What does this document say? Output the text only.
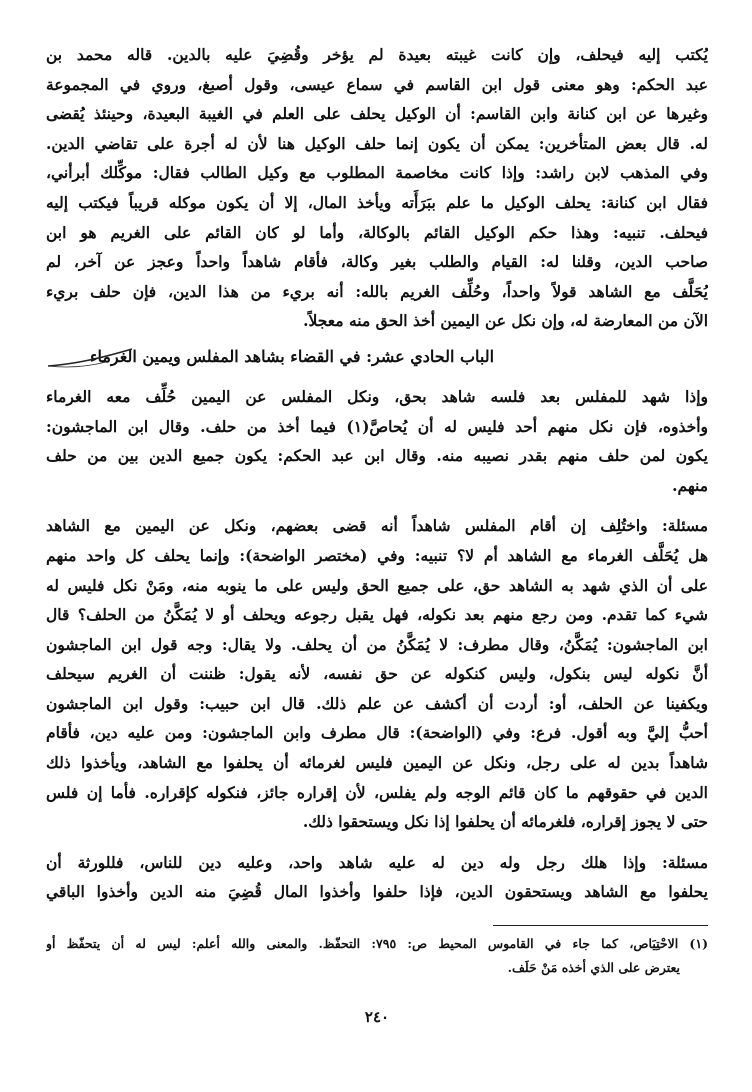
يُكتب إليه فيحلف، وإن كانت غيبته بعيدة لم يؤخر وقُضِيَ عليه بالدين. قاله محمد بن
عبد الحكم: وهو معنى قول ابن القاسم في سماع عيسى، وقول أصبغ، وروي في المجموعة
وغيرها عن ابن كنانة وابن القاسم: أن الوكيل يحلف على العلم في الغيبة البعيدة، وحينئذ يُقضى
له. قال بعض المتأخرين: يمكن أن يكون إنما حلف الوكيل هنا لأن له أجرة على تقاضي الدين.
وفي المذهب لابن راشد: وإذا كانت مخاصمة المطلوب مع وكيل الطالب فقال: موكِّلك أبرأني،
فقال ابن كنانة: يحلف الوكيل ما علم ببَرَأَته ويأخذ المال، إلا أن يكون موكله قريباً فيكتب إليه
فيحلف. تنبيه: وهذا حكم الوكيل القائم بالوكالة، وأما لو كان القائم على الغريم هو ابن
صاحب الدين، وقلنا له: القيام والطلب بغير وكالة، فأقام شاهداً واحداً وعجز عن آخر، لم
يُحَلَّف مع الشاهد قولاً واحداً، وحُلِّف الغريم بالله: أنه بريء من هذا الدين، فإن حلف بريء
الآن من المعارضة له، وإن نكل عن اليمين أخذ الحق منه معجلاً.
الباب الحادي عشر: في القضاء بشاهد المفلس ويمين الغرماء
وإذا شهد للمفلس بعد فلسه شاهد بحق، ونكل المفلس عن اليمين حُلِّف معه الغرماء
وأخذوه، فإن نكل منهم أحد فليس له أن يُحاصَّ(١) فيما أخذ من حلف. وقال ابن الماجشون:
يكون لمن حلف منهم بقدر نصيبه منه. وقال ابن عبد الحكم: يكون جميع الدين بين من حلف
منهم.
مسئلة: واختُلِف إن أقام المفلس شاهداً أنه قضى بعضهم، ونكل عن اليمين مع الشاهد
هل يُحَلَّف الغرماء مع الشاهد أم لا؟ تنبيه: وفي (مختصر الواضحة): وإنما يحلف كل واحد منهم
على أن الذي شهد به الشاهد حق، على جميع الحق وليس على ما ينوبه منه، ومَنْ نكل فليس له
شيء كما تقدم. ومن رجع منهم بعد نكوله، فهل يقبل رجوعه ويحلف أو لا يُمَكَّنُ من الحلف؟ قال
ابن الماجشون: يُمَكَّنُ، وقال مطرف: لا يُمَكَّنُ من أن يحلف. ولا يقال: وجه قول ابن الماجشون
أنَّ نكوله ليس بنكول، وليس كنكوله عن حق نفسه، لأنه يقول: ظننت أن الغريم سيحلف
ويكفينا عن الحلف، أو: أردت أن أكشف عن علم ذلك. قال ابن حبيب: وقول ابن الماجشون
أحبُّ إليَّ وبه أقول. فرع: وفي (الواضحة): قال مطرف وابن الماجشون: ومن عليه دين، فأقام
شاهداً بدين له على رجل، ونكل عن اليمين فليس لغرمائه أن يحلفوا مع الشاهد، ويأخذوا ذلك
الدين في حقوقهم ما كان قائم الوجه ولم يفلس، لأن إقراره جائز، فنكوله كإقراره. فأما إن فلس
حتى لا يجوز إقراره، فلغرمائه أن يحلفوا إذا نكل ويستحقوا ذلك.
مسئلة: وإذا هلك رجل وله دين له عليه شاهد واحد، وعليه دين للناس، فللورثة أن
يحلفوا مع الشاهد ويستحقون الدين، فإذا حلفوا وأخذوا المال قُضِيَ منه الدين وأخذوا الباقي
(١) الاحْتِيَاص، كما جاء في القاموس المحيط ص: ٧٩٥: التحفّظ. والمعنى والله أعلم: ليس له أن يتحفّظ أو
يعترض على الذي أخذه مَنْ حَلَف.
٢٤٠
